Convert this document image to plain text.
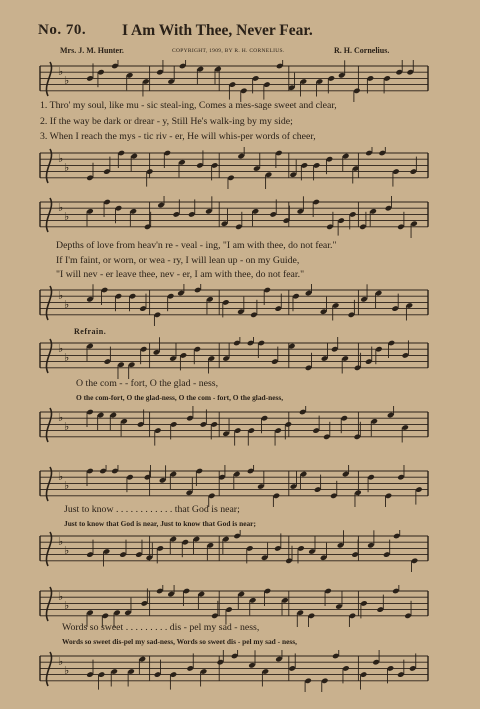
No. 70. I Am With Thee, Never Fear.
Mrs. J. M. Hunter.	COPYRIGHT, 1909, BY R. H. CORNELIUS.	R. H. Cornelius.
♭
♭
1. Thro' my soul, like mu - sic steal-ing, Comes a mes-sage sweet and clear,
2. If the way be dark or drear - y, Still He's walk-ing by my side;
3. When I reach the mys - tic riv - er, He will whis-per words of cheer,
♭
♭
♭
♭
Depths of love from heav'n re - veal - ing, "I am with thee, do not fear."
If I'm faint, or worn, or wea - ry, I will lean up - on my Guide,
"I will nev - er leave thee, nev - er, I am with thee, do not fear."
♭
♭
Refrain.
♭
♭
O the com - - fort, O the glad - ness,
O the com-fort, O the glad-ness, O the com - fort, O the glad-ness,
♭
♭
♭
♭
Just to know . . . . . . . . . . . . that God is near;
Just to know that God is near, Just to know that God is near;
♭
♭
♭
♭
Words so sweet . . . . . . . . . dis - pel my sad - ness,
Words so sweet dis-pel my sad-ness, Words so sweet dis - pel my sad - ness,
♭
♭
